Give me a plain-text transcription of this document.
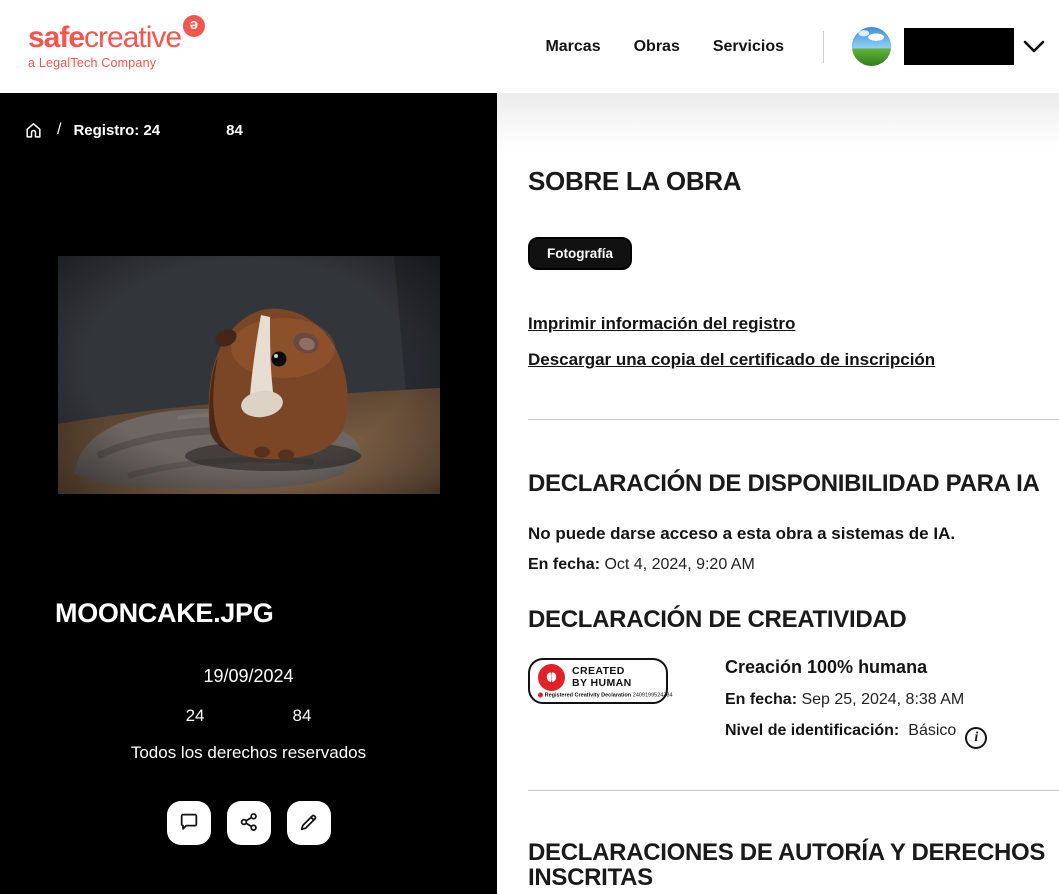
safe creative e
a LegalTech Company
Marcas Obras Servicios
/ Registro: 24	84
MOONCAKE.JPG
19/09/2024
24	84
Todos los derechos reservados
SOBRE LA OBRA
Fotografía
Imprimir información del registro
Descargar una copia del certificado de inscripción
DECLARACIÓN DE DISPONIBILIDAD PARA IA

No puede darse acceso a esta obra a sistemas de IA.

En fecha: Oct 4, 2024, 9:20 AM

DECLARACIÓN DE CREATIVIDAD
CREATED
BY HUMAN
Registered Creativity Declaration 2409199524384
Creación 100% humana
En fecha: Sep 25, 2024, 8:38 AM
Nivel de identificación: Básico i
DECLARACIONES DE AUTORÍA Y DERECHOS INSCRITAS
